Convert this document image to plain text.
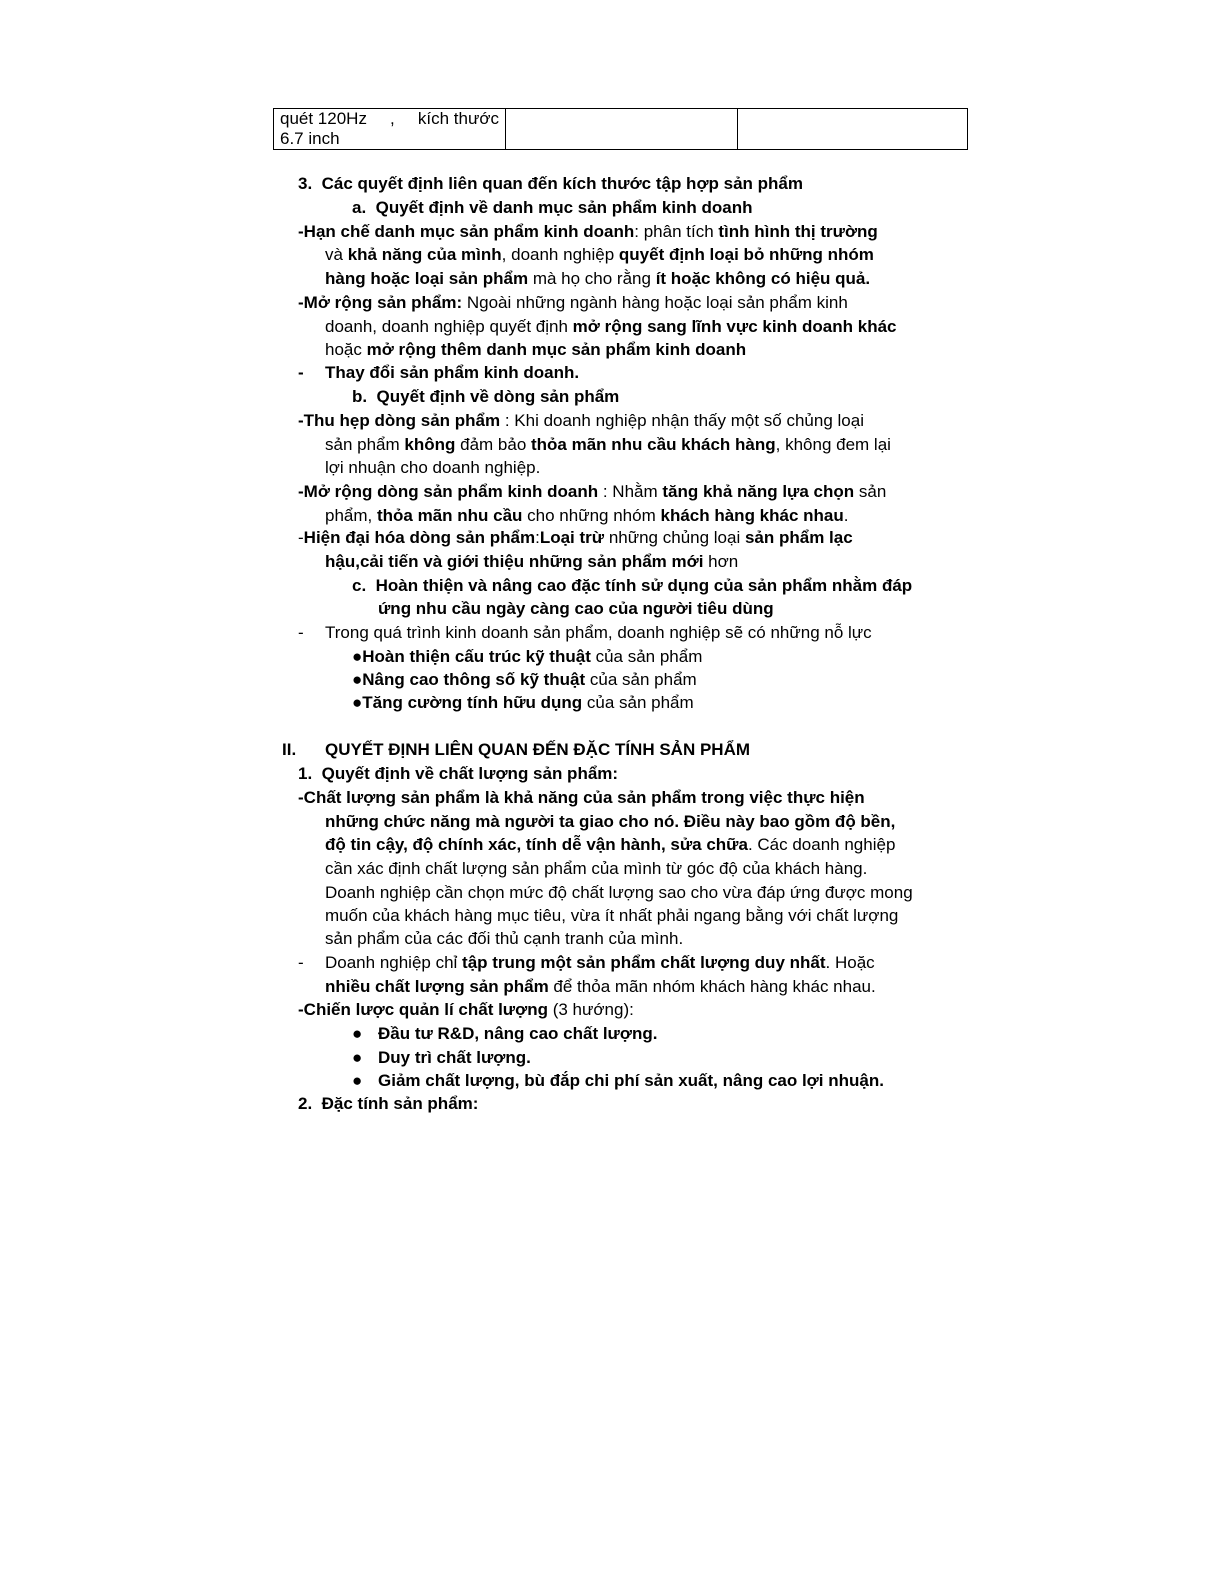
quét 120Hz , kích thước
6.7 inch
3.  Các quyết định liên quan đến kích thước tập hợp sản phẩm
a.  Quyết định về danh mục sản phẩm kinh doanh
-Hạn chế danh mục sản phẩm kinh doanh: phân tích tình hình thị trường
và khả năng của mình, doanh nghiệp quyết định loại bỏ những nhóm
hàng hoặc loại sản phẩm mà họ cho rằng ít hoặc không có hiệu quả.
-Mở rộng sản phẩm: Ngoài những ngành hàng hoặc loại sản phẩm kinh
doanh, doanh nghiệp quyết định mở rộng sang lĩnh vực kinh doanh khác
hoặc mở rộng thêm danh mục sản phẩm kinh doanh
- Thay đổi sản phẩm kinh doanh.
b.  Quyết định về dòng sản phẩm
-Thu hẹp dòng sản phẩm : Khi doanh nghiệp nhận thấy một số chủng loại
sản phẩm không đảm bảo thỏa mãn nhu cầu khách hàng, không đem lại
lợi nhuận cho doanh nghiệp.
-Mở rộng dòng sản phẩm kinh doanh : Nhằm tăng khả năng lựa chọn sản
phẩm, thỏa mãn nhu cầu cho những nhóm khách hàng khác nhau.
-Hiện đại hóa dòng sản phẩm:Loại trừ những chủng loại sản phẩm lạc
hậu,cải tiến và giới thiệu những sản phẩm mới hơn
c.  Hoàn thiện và nâng cao đặc tính sử dụng của sản phẩm nhằm đáp
ứng nhu cầu ngày càng cao của người tiêu dùng
- Trong quá trình kinh doanh sản phẩm, doanh nghiệp sẽ có những nỗ lực
●Hoàn thiện cấu trúc kỹ thuật của sản phẩm
●Nâng cao thông số kỹ thuật của sản phẩm
●Tăng cường tính hữu dụng của sản phẩm
II. QUYẾT ĐỊNH LIÊN QUAN ĐẾN ĐẶC TÍNH SẢN PHẨM
1.  Quyết định về chất lượng sản phẩm:
-Chất lượng sản phẩm là khả năng của sản phẩm trong việc thực hiện
những chức năng mà người ta giao cho nó. Điều này bao gồm độ bền,
độ tin cậy, độ chính xác, tính dễ vận hành, sửa chữa. Các doanh nghiệp
cần xác định chất lượng sản phẩm của mình từ góc độ của khách hàng.
Doanh nghiệp cần chọn mức độ chất lượng sao cho vừa đáp ứng được mong
muốn của khách hàng mục tiêu, vừa ít nhất phải ngang bằng với chất lượng
sản phẩm của các đối thủ cạnh tranh của mình.
- Doanh nghiệp chỉ tập trung một sản phẩm chất lượng duy nhất. Hoặc
nhiều chất lượng sản phẩm để thỏa mãn nhóm khách hàng khác nhau.
-Chiến lược quản lí chất lượng (3 hướng):
● Đầu tư R&D, nâng cao chất lượng.
● Duy trì chất lượng.
● Giảm chất lượng, bù đắp chi phí sản xuất, nâng cao lợi nhuận.
2.  Đặc tính sản phẩm:
